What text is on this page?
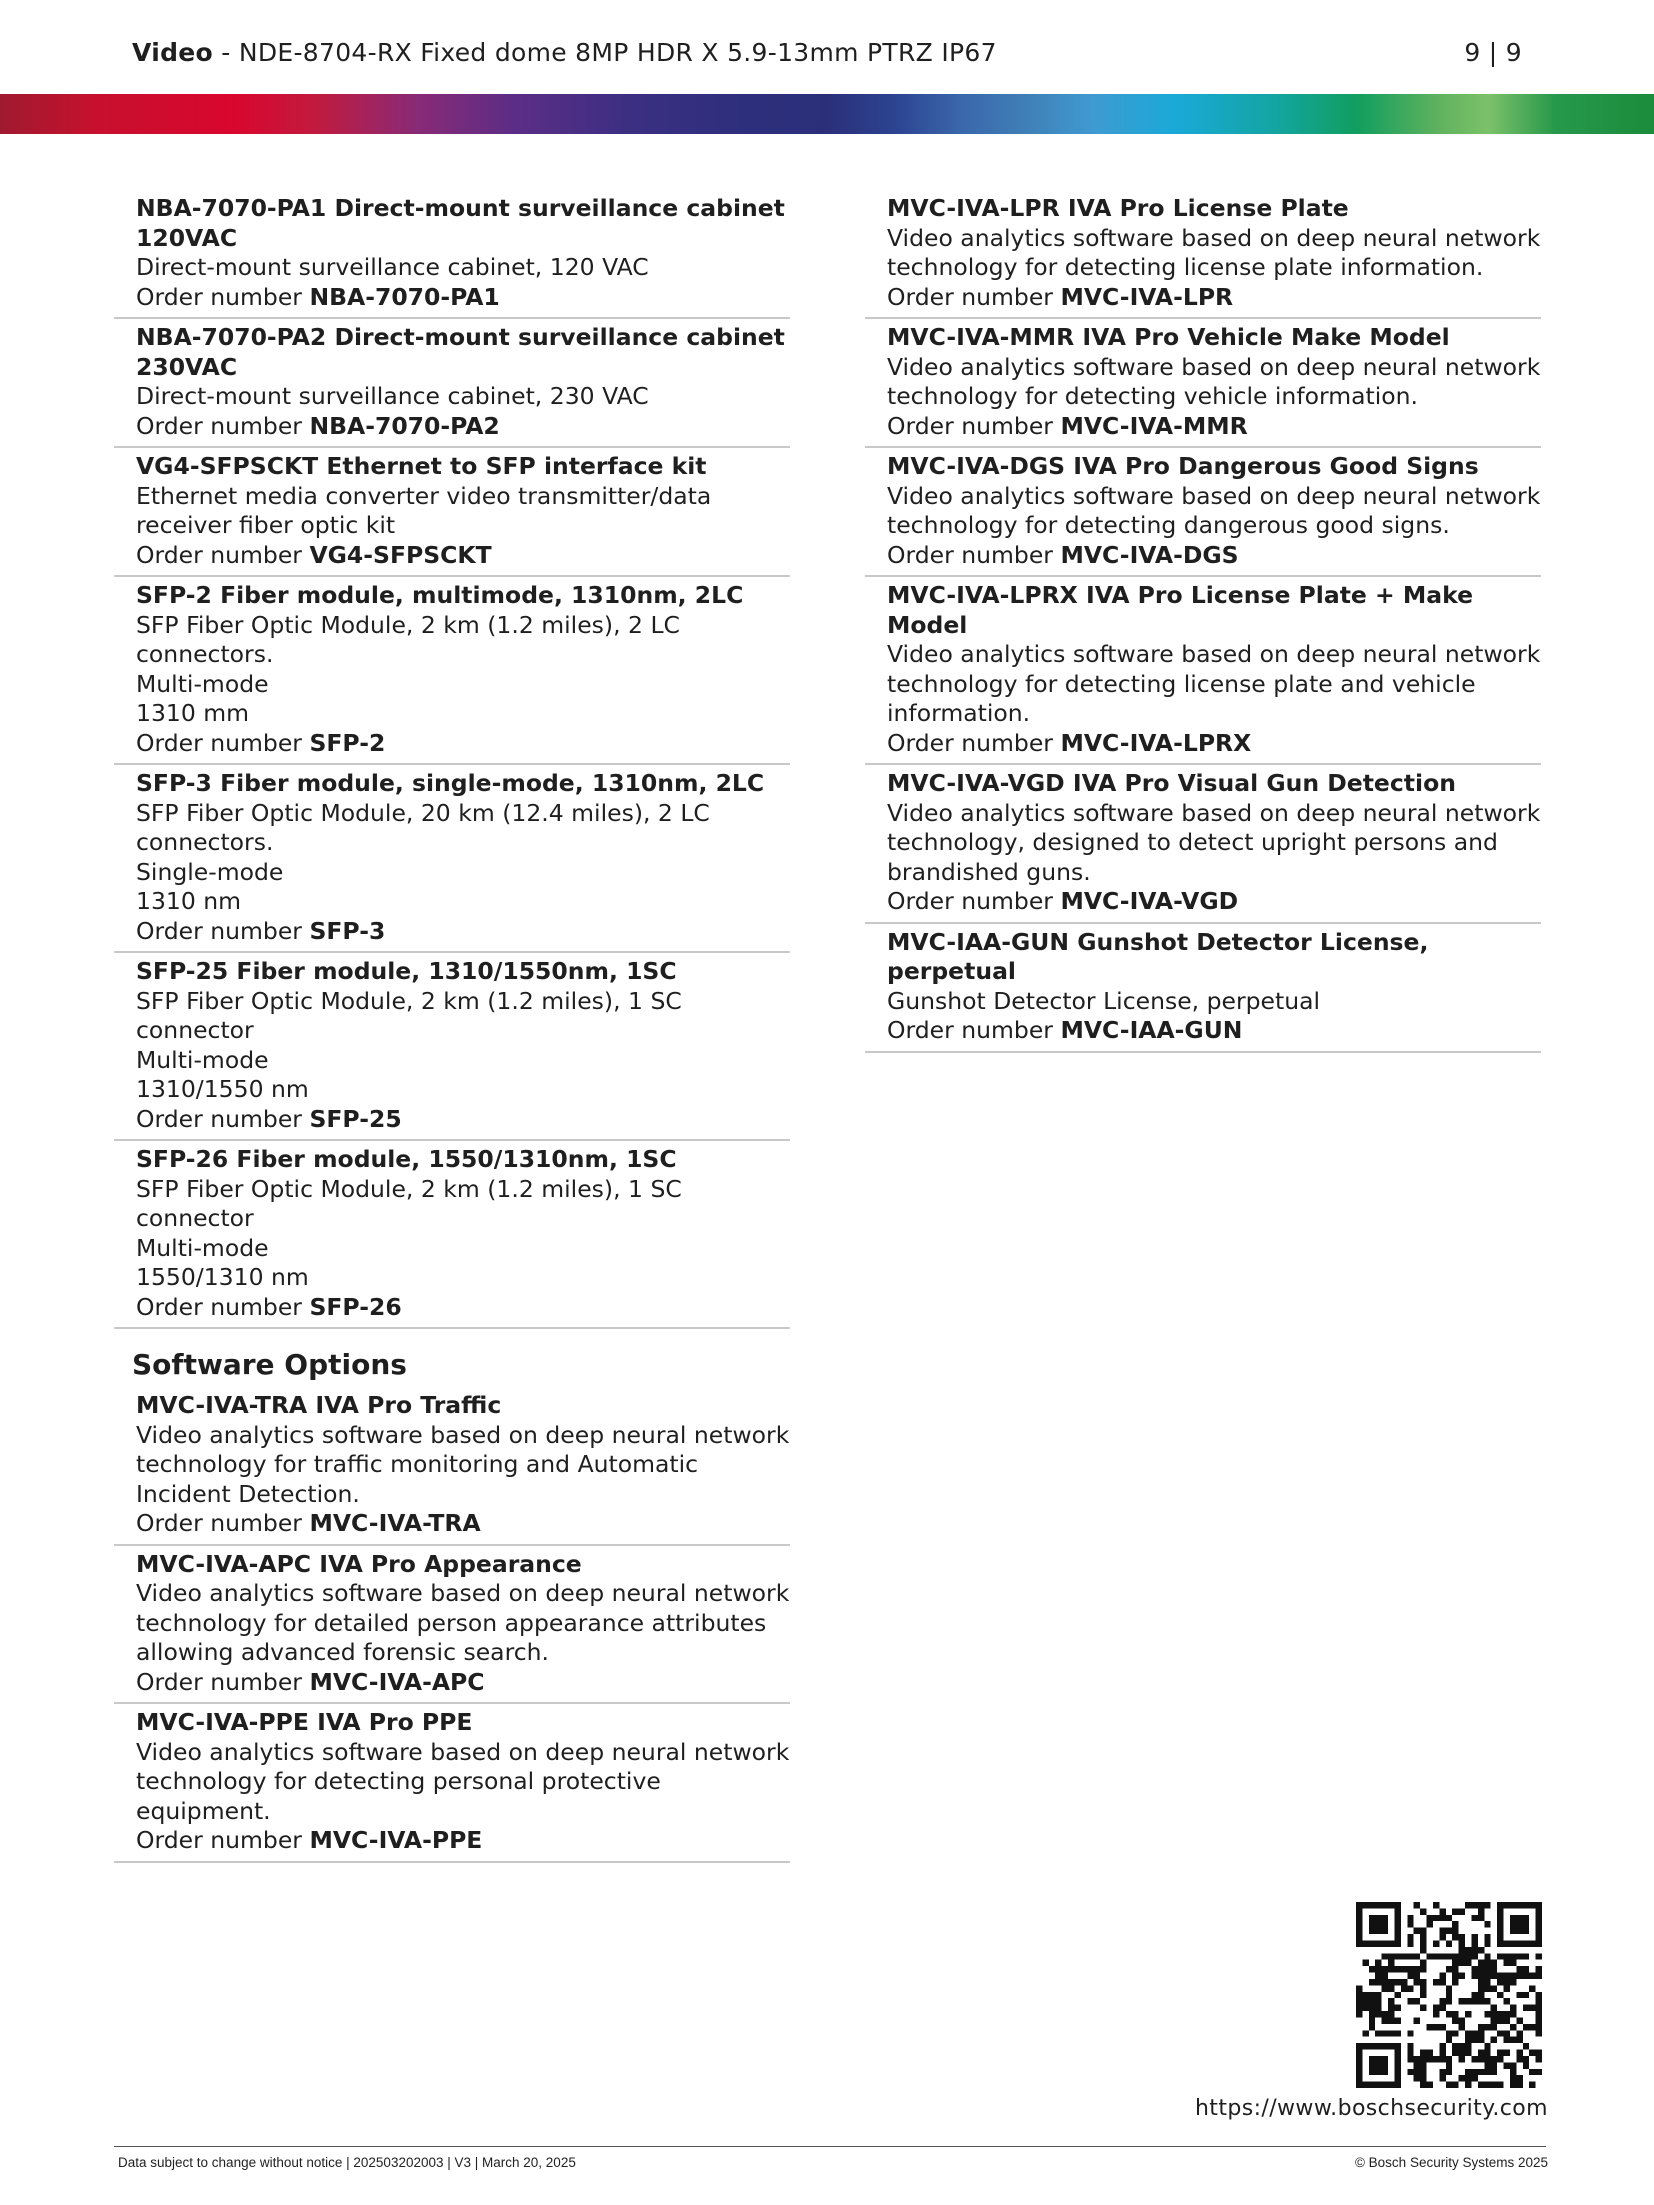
Video - NDE-8704-RX Fixed dome 8MP HDR X 5.9-13mm PTRZ IP67	9 | 9
NBA-7070-PA1 Direct-mount surveillance cabinet 120VAC
Direct-mount surveillance cabinet, 120 VAC
Order number NBA-7070-PA1
NBA-7070-PA2 Direct-mount surveillance cabinet 230VAC
Direct-mount surveillance cabinet, 230 VAC
Order number NBA-7070-PA2
VG4-SFPSCKT Ethernet to SFP interface kit
Ethernet media converter video transmitter/data receiver fiber optic kit
Order number VG4-SFPSCKT
SFP-2 Fiber module, multimode, 1310nm, 2LC
SFP Fiber Optic Module, 2 km (1.2 miles), 2 LC connectors.
Multi-mode
1310 mm
Order number SFP-2
SFP-3 Fiber module, single-mode, 1310nm, 2LC
SFP Fiber Optic Module, 20 km (12.4 miles), 2 LC connectors.
Single-mode
1310 nm
Order number SFP-3
SFP-25 Fiber module, 1310/1550nm, 1SC
SFP Fiber Optic Module, 2 km (1.2 miles), 1 SC connector
Multi-mode
1310/1550 nm
Order number SFP-25
SFP-26 Fiber module, 1550/1310nm, 1SC
SFP Fiber Optic Module, 2 km (1.2 miles), 1 SC connector
Multi-mode
1550/1310 nm
Order number SFP-26
Software Options
MVC-IVA-TRA IVA Pro Traffic
Video analytics software based on deep neural network technology for traffic monitoring and Automatic Incident Detection.
Order number MVC-IVA-TRA
MVC-IVA-APC IVA Pro Appearance
Video analytics software based on deep neural network technology for detailed person appearance attributes allowing advanced forensic search.
Order number MVC-IVA-APC
MVC-IVA-PPE IVA Pro PPE
Video analytics software based on deep neural network technology for detecting personal protective equipment.
Order number MVC-IVA-PPE
MVC-IVA-LPR IVA Pro License Plate
Video analytics software based on deep neural network technology for detecting license plate information.
Order number MVC-IVA-LPR
MVC-IVA-MMR IVA Pro Vehicle Make Model
Video analytics software based on deep neural network technology for detecting vehicle information.
Order number MVC-IVA-MMR
MVC-IVA-DGS IVA Pro Dangerous Good Signs
Video analytics software based on deep neural network technology for detecting dangerous good signs.
Order number MVC-IVA-DGS
MVC-IVA-LPRX IVA Pro License Plate + Make Model
Video analytics software based on deep neural network technology for detecting license plate and vehicle information.
Order number MVC-IVA-LPRX
MVC-IVA-VGD IVA Pro Visual Gun Detection
Video analytics software based on deep neural network technology, designed to detect upright persons and brandished guns.
Order number MVC-IVA-VGD
MVC-IAA-GUN Gunshot Detector License, perpetual
Gunshot Detector License, perpetual
Order number MVC-IAA-GUN
https://www.boschsecurity.com
Data subject to change without notice | 202503202003 | V3 | March 20, 2025	© Bosch Security Systems 2025
